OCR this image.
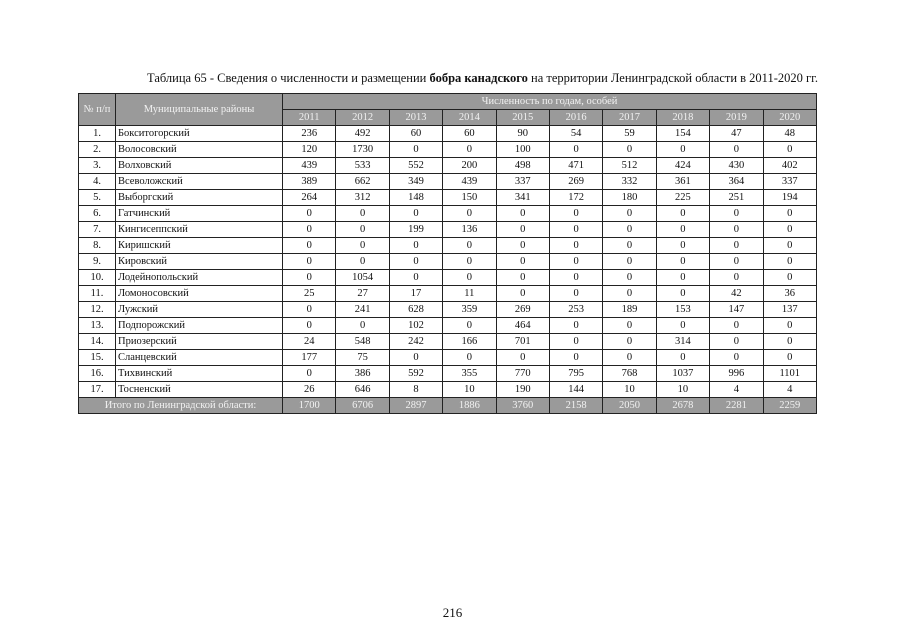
Таблица 65 - Сведения о численности и размещении бобра канадского на территории Ленинградской области в 2011-2020 гг.
№ п/п	Муниципальные районы	Численность по годам, особей									
		2011	2012	2013	2014	2015	2016	2017	2018	2019	2020
1.	Бокситогорский	236	492	60	60	90	54	59	154	47	48
2.	Волосовский	120	1730	0	0	100	0	0	0	0	0
3.	Волховский	439	533	552	200	498	471	512	424	430	402
4.	Всеволожский	389	662	349	439	337	269	332	361	364	337
5.	Выборгский	264	312	148	150	341	172	180	225	251	194
6.	Гатчинский	0	0	0	0	0	0	0	0	0	0
7.	Кингисеппский	0	0	199	136	0	0	0	0	0	0
8.	Киришский	0	0	0	0	0	0	0	0	0	0
9.	Кировский	0	0	0	0	0	0	0	0	0	0
10.	Лодейнопольский	0	1054	0	0	0	0	0	0	0	0
11.	Ломоносовский	25	27	17	11	0	0	0	0	42	36
12.	Лужский	0	241	628	359	269	253	189	153	147	137
13.	Подпорожский	0	0	102	0	464	0	0	0	0	0
14.	Приозерский	24	548	242	166	701	0	0	314	0	0
15.	Сланцевский	177	75	0	0	0	0	0	0	0	0
16.	Тихвинский	0	386	592	355	770	795	768	1037	996	1101
17.	Тосненский	26	646	8	10	190	144	10	10	4	4
Итого по Ленинградской области:		1700	6706	2897	1886	3760	2158	2050	2678	2281	2259
216
